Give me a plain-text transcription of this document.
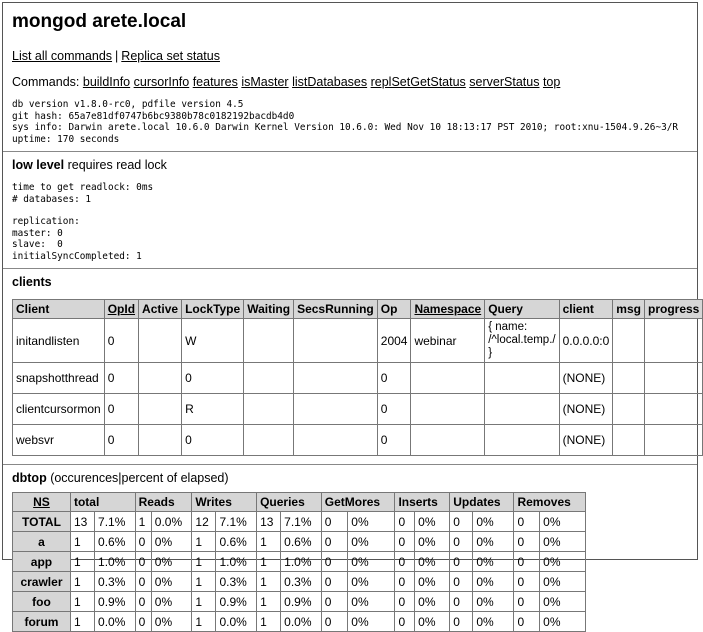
mongod arete.local
List all commands | Replica set status
Commands: buildInfo cursorInfo features isMaster listDatabases replSetGetStatus serverStatus top
db version v1.8.0-rc0, pdfile version 4.5
git hash: 65a7e81df0747b6bc9380b78c0182192bacdb4d0
sys info: Darwin arete.local 10.6.0 Darwin Kernel Version 10.6.0: Wed Nov 10 18:13:17 PST 2010; root:xnu-1504.9.26~3/R
uptime: 170 seconds
low level requires read lock
time to get readlock: 0ms
# databases: 1
replication:
master: 0
slave:  0
initialSyncCompleted: 1
clients
Client	OpId	Active	LockType	Waiting	SecsRunning	Op	Namespace	Query	client	msg	progress
initandlisten	0		W			2004	webinar	{ name: /^local.temp./ }	0.0.0.0:0		
snapshotthread	0		0			0			(NONE)		
clientcursormon	0		R			0			(NONE)		
websvr	0		0			0			(NONE)		
dbtop (occurences|percent of elapsed)
NS	total		Reads		Writes		Queries		GetMores		Inserts		Updates		Removes	
TOTAL	13	7.1%	1	0.0%	12	7.1%	13	7.1%	0	0%	0	0%	0	0%	0	0%
a	1	0.6%	0	0%	1	0.6%	1	0.6%	0	0%	0	0%	0	0%	0	0%
app	1	1.0%	0	0%	1	1.0%	1	1.0%	0	0%	0	0%	0	0%	0	0%
crawler	1	0.3%	0	0%	1	0.3%	1	0.3%	0	0%	0	0%	0	0%	0	0%
foo	1	0.9%	0	0%	1	0.9%	1	0.9%	0	0%	0	0%	0	0%	0	0%
forum	1	0.0%	0	0%	1	0.0%	1	0.0%	0	0%	0	0%	0	0%	0	0%
